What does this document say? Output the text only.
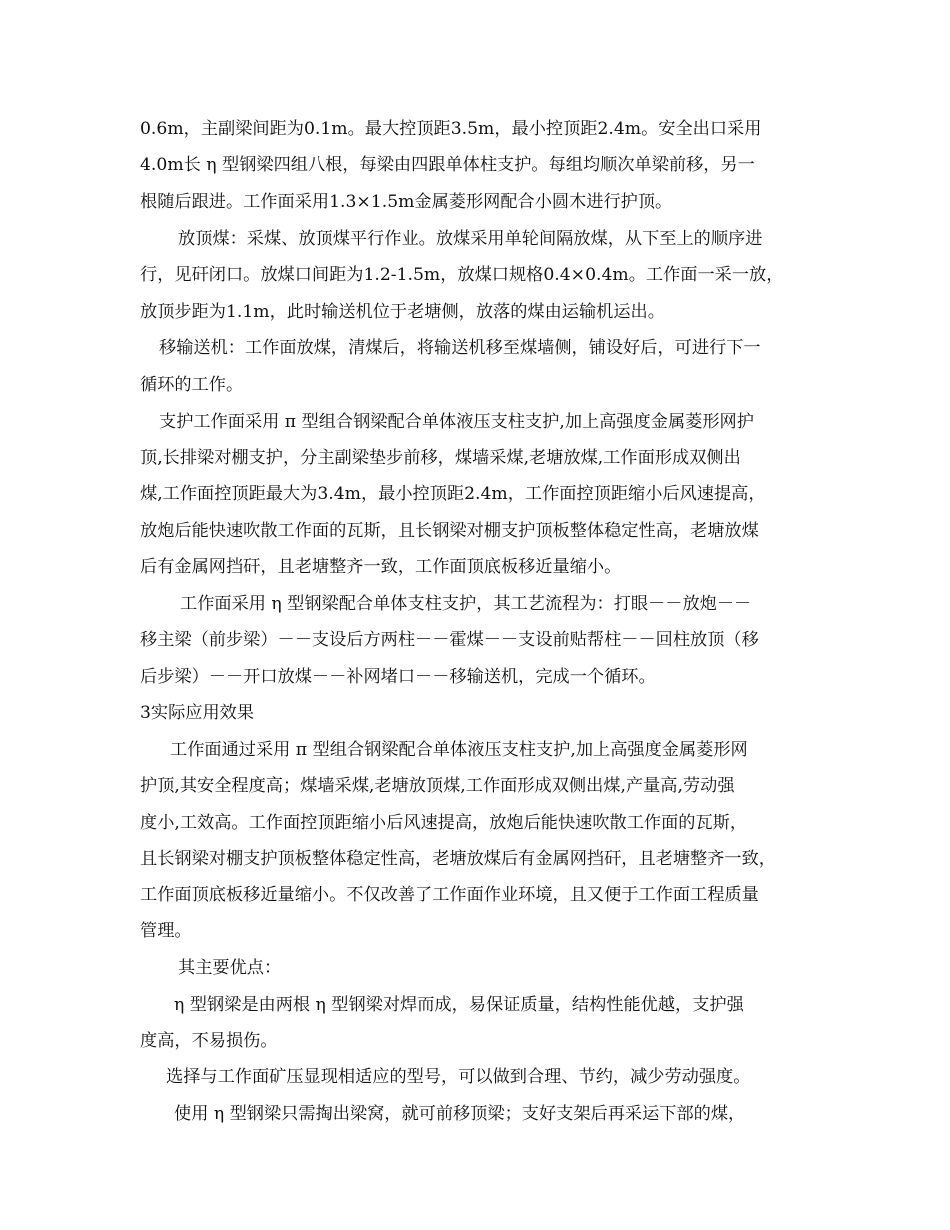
0.6m，主副梁间距为0.1m。最大控顶距3.5m，最小控顶距2.4m。安全出口采用
4.0m长 η 型钢梁四组八根，每梁由四跟单体柱支护。每组均顺次单梁前移，另一
根随后跟进。工作面采用1.3×1.5m金属菱形网配合小圆木进行护顶。
放顶煤：采煤、放顶煤平行作业。放煤采用单轮间隔放煤，从下至上的顺序进
行，见矸闭口。放煤口间距为1.2-1.5m，放煤口规格0.4×0.4m。工作面一采一放，
放顶步距为1.1m，此时输送机位于老塘侧，放落的煤由运输机运出。
移输送机：工作面放煤，清煤后，将输送机移至煤墙侧，铺设好后，可进行下一
循环的工作。
支护工作面采用 π 型组合钢梁配合单体液压支柱支护,加上高强度金属菱形网护
顶,长排梁对棚支护，分主副梁垫步前移，煤墙采煤,老塘放煤,工作面形成双侧出
煤,工作面控顶距最大为3.4m，最小控顶距2.4m，工作面控顶距缩小后风速提高，
放炮后能快速吹散工作面的瓦斯，且长钢梁对棚支护顶板整体稳定性高，老塘放煤
后有金属网挡矸，且老塘整齐一致，工作面顶底板移近量缩小。
工作面采用 η 型钢梁配合单体支柱支护，其工艺流程为：打眼－－放炮－－
移主梁（前步梁）－－支设后方两柱－－霍煤－－支设前贴帮柱－－回柱放顶（移
后步梁）－－开口放煤－－补网堵口－－移输送机，完成一个循环。
3实际应用效果
工作面通过采用 π 型组合钢梁配合单体液压支柱支护,加上高强度金属菱形网
护顶,其安全程度高；煤墙采煤,老塘放顶煤,工作面形成双侧出煤,产量高,劳动强
度小,工效高。工作面控顶距缩小后风速提高，放炮后能快速吹散工作面的瓦斯，
且长钢梁对棚支护顶板整体稳定性高，老塘放煤后有金属网挡矸，且老塘整齐一致，
工作面顶底板移近量缩小。不仅改善了工作面作业环境，且又便于工作面工程质量
管理。
其主要优点：
η 型钢梁是由两根 η 型钢梁对焊而成，易保证质量，结构性能优越，支护强
度高，不易损伤。
选择与工作面矿压显现相适应的型号，可以做到合理、节约，减少劳动强度。
使用 η 型钢梁只需掏出梁窝，就可前移顶梁；支好支架后再采运下部的煤，
